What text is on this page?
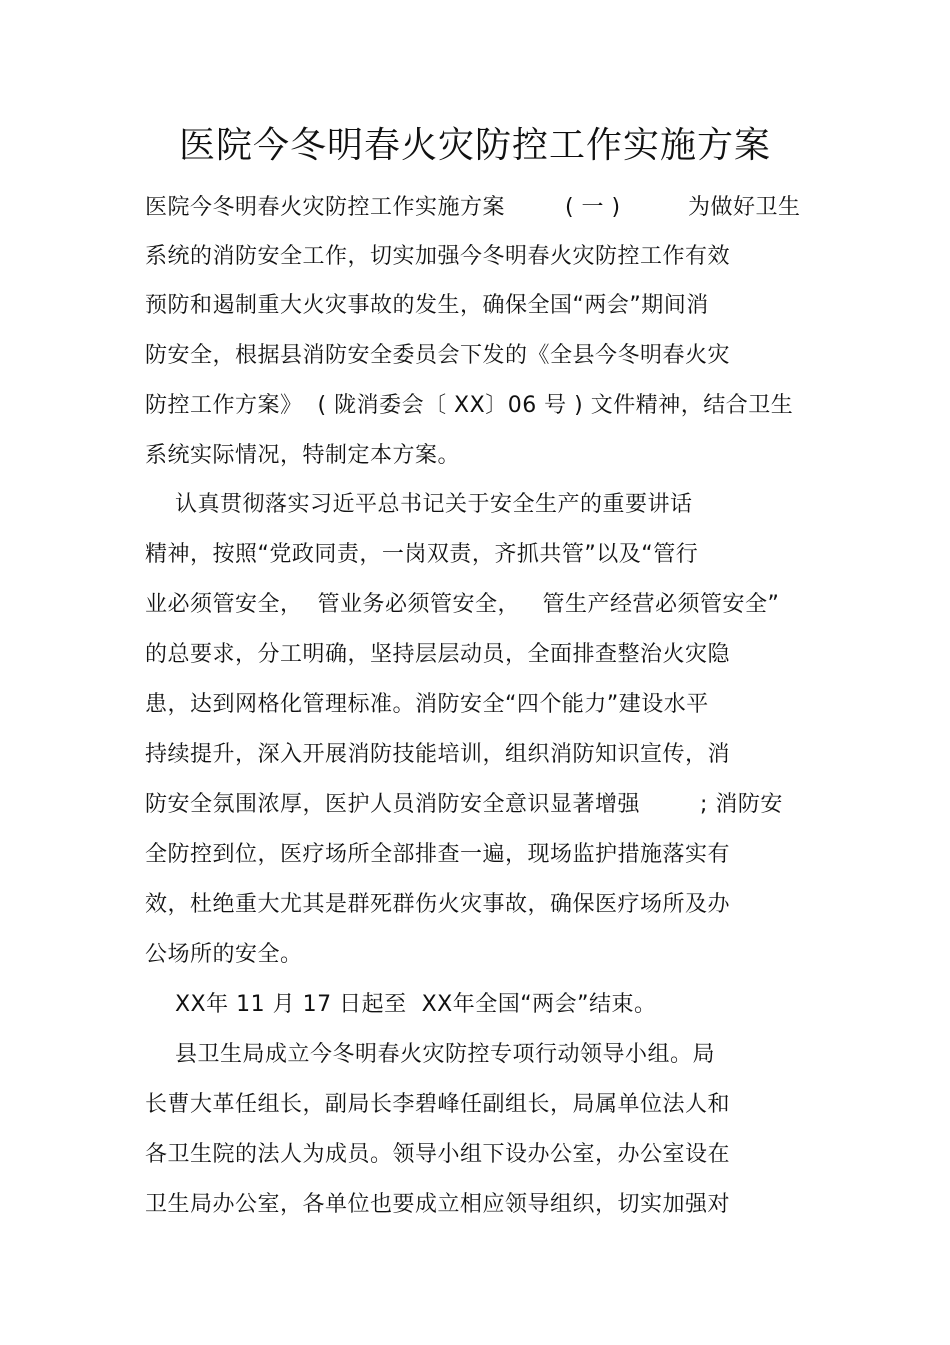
医院今冬明春火灾防控工作实施方案
医院今冬明春火灾防控工作实施方案        ( 一 )         为做好卫生
系统的消防安全工作，切实加强今冬明春火灾防控工作有效
预防和遏制重大火灾事故的发生，确保全国“两会”期间消
防安全，根据县消防安全委员会下发的《全县今冬明春火灾
防控工作方案》  ( 陇消委会〔 XX〕06 号 ) 文件精神，结合卫生
系统实际情况，特制定本方案。
认真贯彻落实习近平总书记关于安全生产的重要讲话
精神，按照“党政同责，一岗双责，齐抓共管”以及“管行
业必须管安全，  管业务必须管安全，   管生产经营必须管安全”
的总要求，分工明确，坚持层层动员，全面排查整治火灾隐
患，达到网格化管理标准。消防安全“四个能力”建设水平
持续提升，深入开展消防技能培训，组织消防知识宣传，消
防安全氛围浓厚，医护人员消防安全意识显著增强        ; 消防安
全防控到位，医疗场所全部排查一遍，现场监护措施落实有
效，杜绝重大尤其是群死群伤火灾事故，确保医疗场所及办
公场所的安全。
XX年 11 月 17 日起至  XX年全国“两会”结束。
县卫生局成立今冬明春火灾防控专项行动领导小组。局
长曹大革任组长，副局长李碧峰任副组长，局属单位法人和
各卫生院的法人为成员。领导小组下设办公室，办公室设在
卫生局办公室，各单位也要成立相应领导组织，切实加强对
